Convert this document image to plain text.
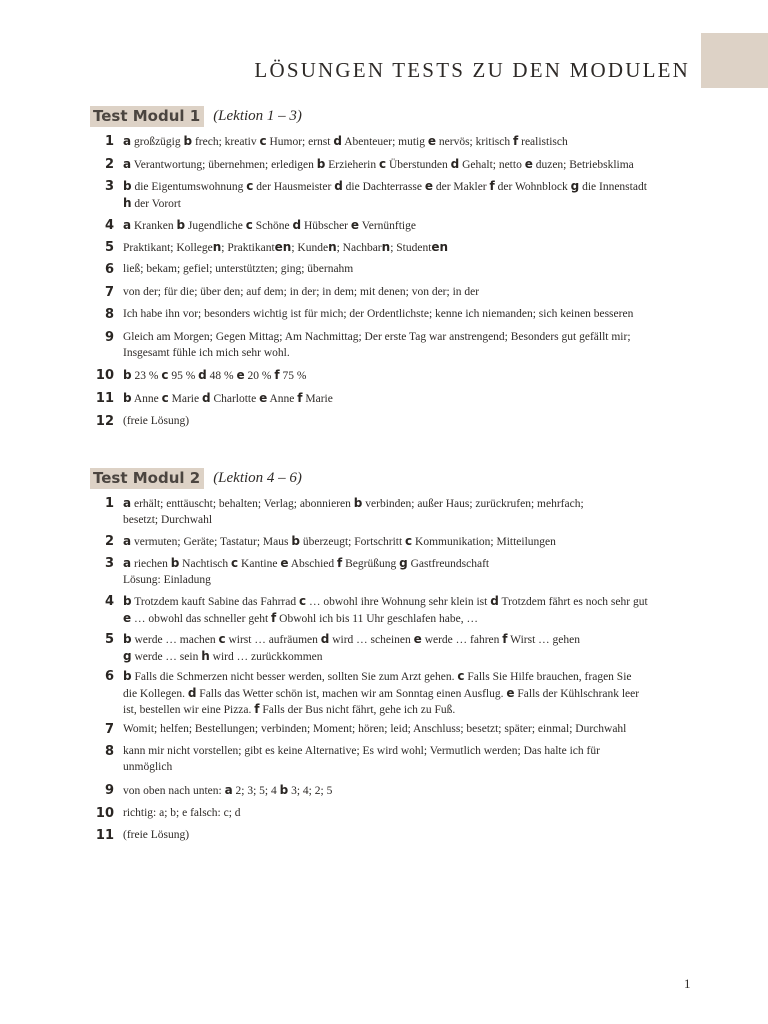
LÖSUNGEN TESTS ZU DEN MODULEN
Test Modul 1 (Lektion 1 – 3)
1 a großzügig b frech; kreativ c Humor; ernst d Abenteuer; mutig e nervös; kritisch f realistisch
2 a Verantwortung; übernehmen; erledigen b Erzieherin c Überstunden d Gehalt; netto e duzen; Betriebsklima
3 b die Eigentumswohnung c der Hausmeister d die Dachterrasse e der Makler f der Wohnblock g die Innenstadt
h der Vorort
4 a Kranken b Jugendliche c Schöne d Hübscher e Vernünftige
5 Praktikant; Kollegen; Praktikanten; Kunden; Nachbarn; Studenten
6 ließ; bekam; gefiel; unterstützten; ging; übernahm
7 von der; für die; über den; auf dem; in der; in dem; mit denen; von der; in der
8 Ich habe ihn vor; besonders wichtig ist für mich; der Ordentlichste; kenne ich niemanden; sich keinen besseren
9 Gleich am Morgen; Gegen Mittag; Am Nachmittag; Der erste Tag war anstrengend; Besonders gut gefällt mir;
Insgesamt fühle ich mich sehr wohl.
10 b 23 % c 95 % d 48 % e 20 % f 75 %
11 b Anne c Marie d Charlotte e Anne f Marie
12 (freie Lösung)
Test Modul 2 (Lektion 4 – 6)
1 a erhält; enttäuscht; behalten; Verlag; abonnieren b verbinden; außer Haus; zurückrufen; mehrfach;
besetzt; Durchwahl
2 a vermuten; Geräte; Tastatur; Maus b überzeugt; Fortschritt c Kommunikation; Mitteilungen
3 a riechen b Nachtisch c Kantine e Abschied f Begrüßung g Gastfreundschaft
Lösung: Einladung
4 b Trotzdem kauft Sabine das Fahrrad c … obwohl ihre Wohnung sehr klein ist d Trotzdem fährt es noch sehr gut
e … obwohl das schneller geht f Obwohl ich bis 11 Uhr geschlafen habe, …
5 b werde … machen c wirst … aufräumen d wird … scheinen e werde … fahren f Wirst … gehen
g werde … sein h wird … zurückkommen
6 b Falls die Schmerzen nicht besser werden, sollten Sie zum Arzt gehen. c Falls Sie Hilfe brauchen, fragen Sie
die Kollegen. d Falls das Wetter schön ist, machen wir am Sonntag einen Ausflug. e Falls der Kühlschrank leer
ist, bestellen wir eine Pizza. f Falls der Bus nicht fährt, gehe ich zu Fuß.
7 Womit; helfen; Bestellungen; verbinden; Moment; hören; leid; Anschluss; besetzt; später; einmal; Durchwahl
8 kann mir nicht vorstellen; gibt es keine Alternative; Es wird wohl; Vermutlich werden; Das halte ich für
unmöglich
9 von oben nach unten: a 2; 3; 5; 4 b 3; 4; 2; 5
10 richtig: a; b; e falsch: c; d
11 (freie Lösung)
1
